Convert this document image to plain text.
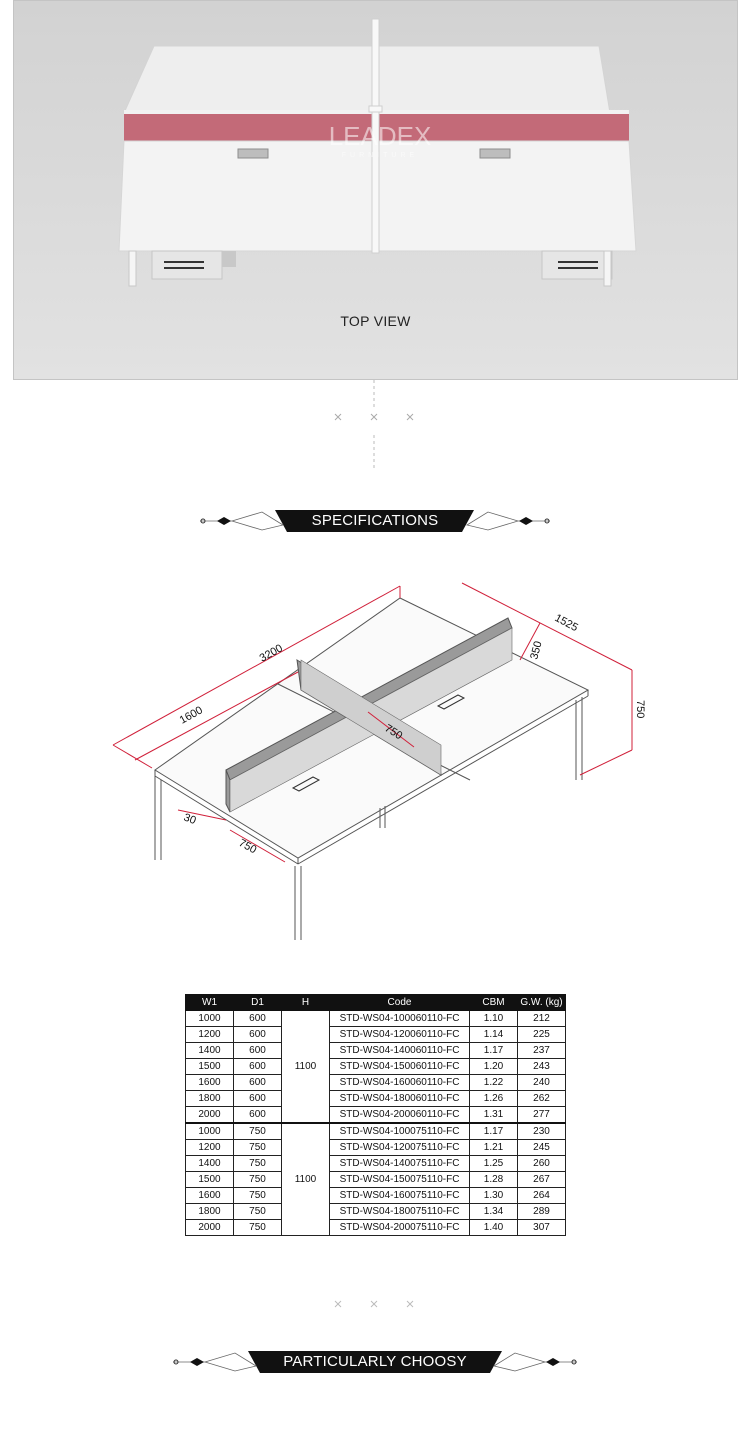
LEADEX
FURNITURE
TOP VIEW
SPECIFICATIONS
3200
1600
1525
350
750
750
30
750
W1	D1	H	Code	CBM	G.W. (kg)
1000	600	1100	STD-WS04-100060110-FC	1.10	212
1200	600		STD-WS04-120060110-FC	1.14	225
1400	600		STD-WS04-140060110-FC	1.17	237
1500	600		STD-WS04-150060110-FC	1.20	243
1600	600		STD-WS04-160060110-FC	1.22	240
1800	600		STD-WS04-180060110-FC	1.26	262
2000	600		STD-WS04-200060110-FC	1.31	277
1000	750	1100	STD-WS04-100075110-FC	1.17	230
1200	750		STD-WS04-120075110-FC	1.21	245
1400	750		STD-WS04-140075110-FC	1.25	260
1500	750		STD-WS04-150075110-FC	1.28	267
1600	750		STD-WS04-160075110-FC	1.30	264
1800	750		STD-WS04-180075110-FC	1.34	289
2000	750		STD-WS04-200075110-FC	1.40	307
PARTICULARLY CHOOSY
